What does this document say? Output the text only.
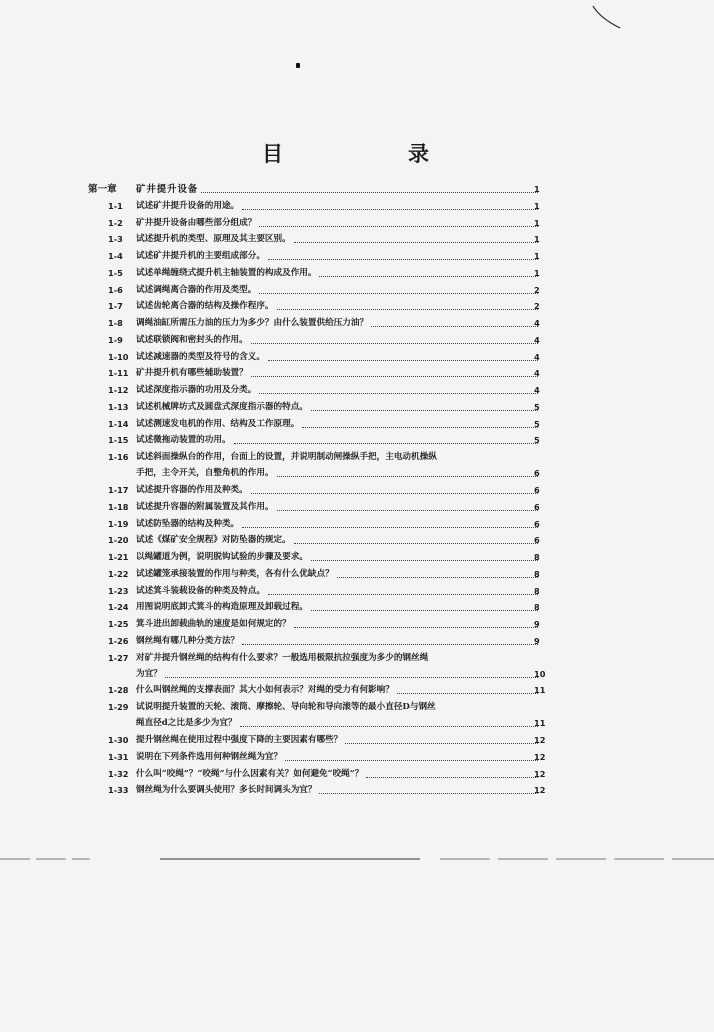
目　录
第一章	矿井提升设备	1
1-1	试述矿井提升设备的用途。	1
1-2	矿井提升设备由哪些部分组成？	1
1-3	试述提升机的类型、原理及其主要区别。	1
1-4	试述矿井提升机的主要组成部分。	1
1-5	试述单绳缠绕式提升机主轴装置的构成及作用。	1
1-6	试述调绳离合器的作用及类型。	2
1-7	试述齿轮离合器的结构及操作程序。	2
1-8	调绳油缸所需压力油的压力为多少？由什么装置供给压力油？	4
1-9	试述联锁阀和密封头的作用。	4
1-10 试述减速器的类型及符号的含义。	4
1-11 矿井提升机有哪些辅助装置？	4
1-12 试述深度指示器的功用及分类。	4
1-13 试述机械牌坊式及圆盘式深度指示器的特点。	5
1-14 试述测速发电机的作用、结构及工作原理。	5
1-15 试述微拖动装置的功用。	5
1-16 试述斜面操纵台的作用，台面上的设置，并说明制动闸操纵手把，主电动机操纵
手把，主令开关，自整角机的作用。	6
1-17 试述提升容器的作用及种类。	6
1-18 试述提升容器的附属装置及其作用。	6
1-19 试述防坠器的结构及种类。	6
1-20 试述《煤矿安全规程》对防坠器的规定。	6
1-21 以绳罐道为例，说明脱钩试验的步骤及要求。	8
1-22 试述罐笼承接装置的作用与种类，各有什么优缺点？	8
1-23 试述箕斗装载设备的种类及特点。	8
1-24 用图说明底卸式箕斗的构造原理及卸载过程。	8
1-25 箕斗进出卸载曲轨的速度是如何规定的？	9
1-26 钢丝绳有哪几种分类方法？	9
1-27 对矿井提升钢丝绳的结构有什么要求？一般选用极限抗拉强度为多少的钢丝绳
为宜？	10
1-28 什么叫钢丝绳的支撑表面？其大小如何表示？对绳的受力有何影响？	11
1-29 试说明提升装置的天轮、滚筒、摩擦轮、导向轮和导向滚等的最小直径D与钢丝
绳直径d之比是多少为宜？	11
1-30 提升钢丝绳在使用过程中强度下降的主要因素有哪些？	12
1-31 说明在下列条件选用何种钢丝绳为宜？	12
1-32 什么叫“咬绳”？“咬绳”与什么因素有关？如何避免“咬绳”？	12
1-33 钢丝绳为什么要调头使用？多长时间调头为宜？	12
